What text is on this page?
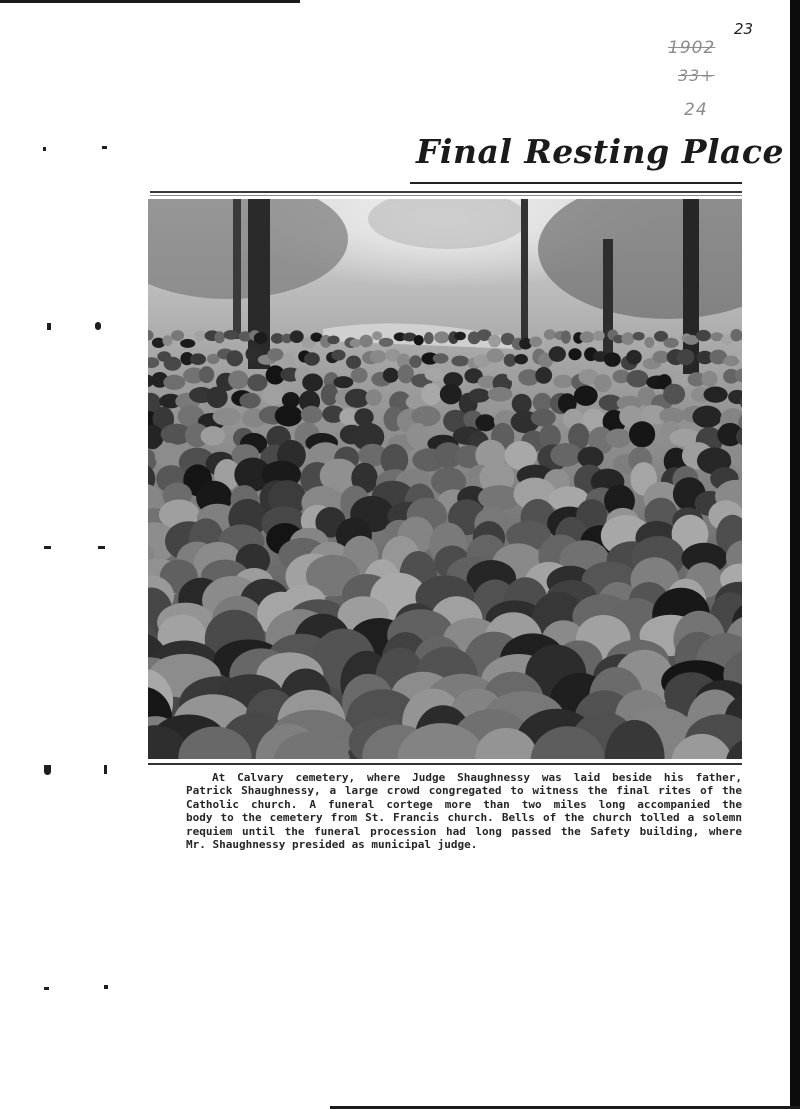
23
1902
33+
24
Final Resting Place
At Calvary cemetery, where Judge Shaughnessy was laid beside his father,
Patrick Shaughnessy, a large crowd congregated to witness the final rites of the
Catholic church. A funeral cortege more than two miles long accompanied the
body to the cemetery from St. Francis church. Bells of the church tolled a solemn
requiem until the funeral procession had long passed the Safety building, where
Mr. Shaughnessy presided as municipal judge.
